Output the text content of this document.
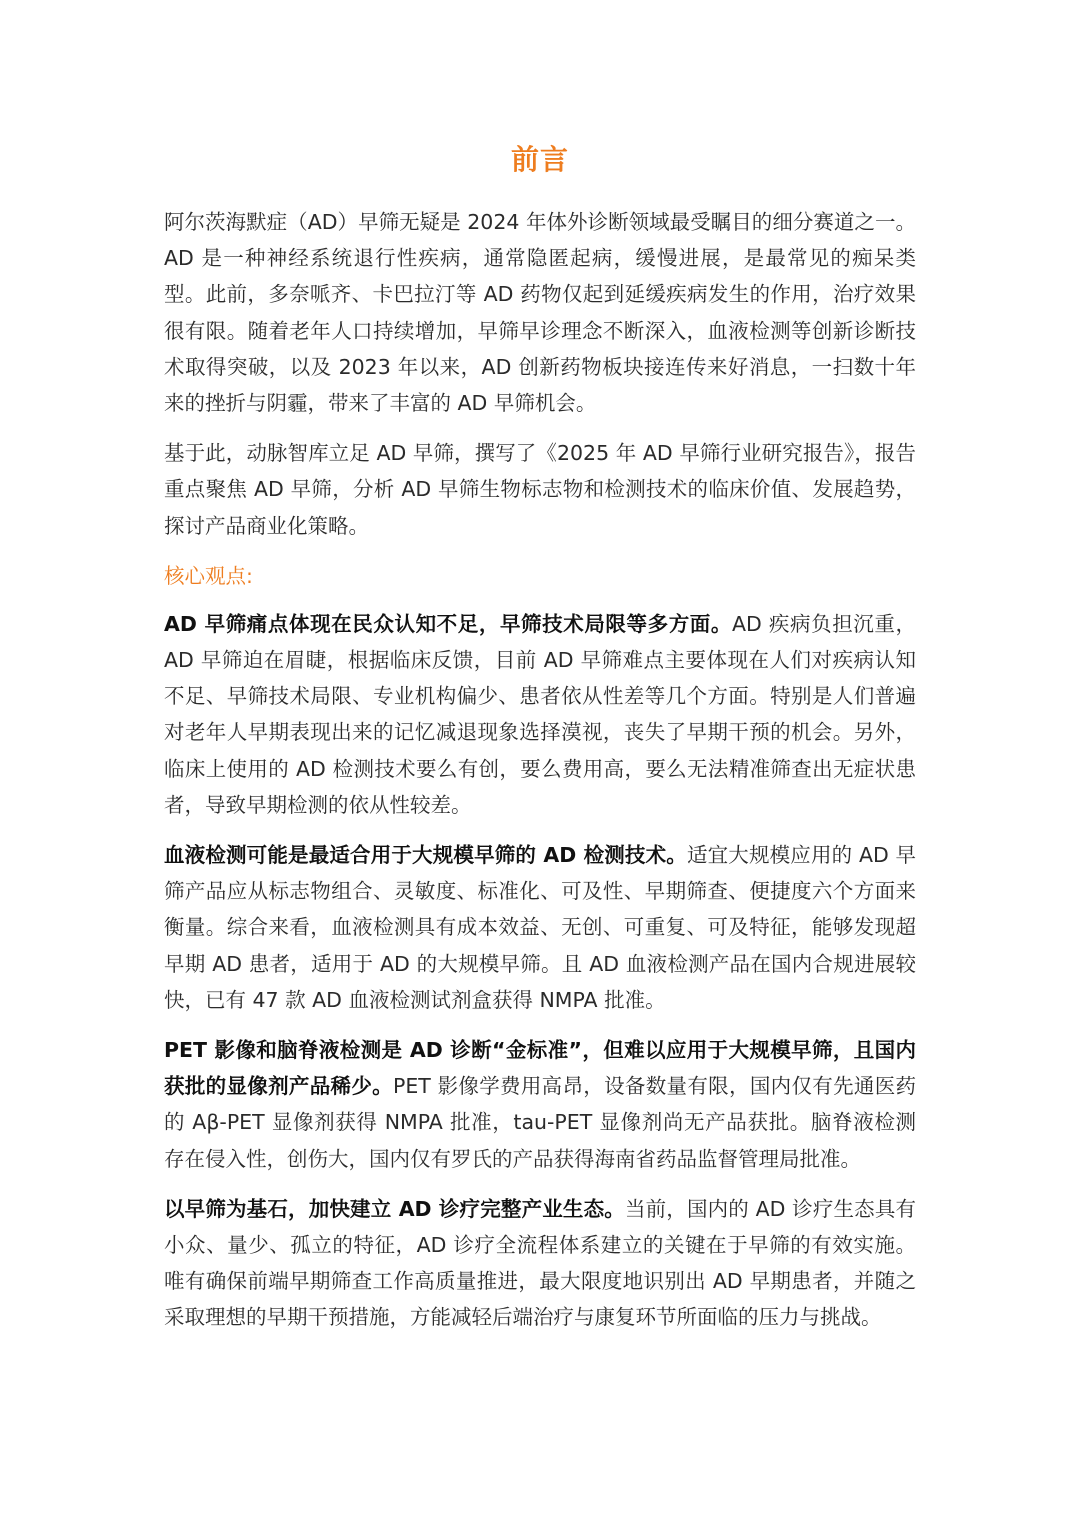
前言

阿尔茨海默症（AD）早筛无疑是 2024 年体外诊断领域最受瞩目的细分赛道之一。AD 是一种神经系统退行性疾病，通常隐匿起病，缓慢进展，是最常见的痴呆类型。此前，多奈哌齐、卡巴拉汀等 AD 药物仅起到延缓疾病发生的作用，治疗效果很有限。随着老年人口持续增加，早筛早诊理念不断深入，血液检测等创新诊断技术取得突破，以及 2023 年以来，AD 创新药物板块接连传来好消息，一扫数十年来的挫折与阴霾，带来了丰富的 AD 早筛机会。

基于此，动脉智库立足 AD 早筛，撰写了《2025 年 AD 早筛行业研究报告》，报告重点聚焦 AD 早筛，分析 AD 早筛生物标志物和检测技术的临床价值、发展趋势，探讨产品商业化策略。

核心观点:

AD 早筛痛点体现在民众认知不足，早筛技术局限等多方面。AD 疾病负担沉重，AD 早筛迫在眉睫，根据临床反馈，目前 AD 早筛难点主要体现在人们对疾病认知不足、早筛技术局限、专业机构偏少、患者依从性差等几个方面。特别是人们普遍对老年人早期表现出来的记忆减退现象选择漠视，丧失了早期干预的机会。另外，临床上使用的 AD 检测技术要么有创，要么费用高，要么无法精准筛查出无症状患者，导致早期检测的依从性较差。

血液检测可能是最适合用于大规模早筛的 AD 检测技术。适宜大规模应用的 AD 早筛产品应从标志物组合、灵敏度、标准化、可及性、早期筛查、便捷度六个方面来衡量。综合来看，血液检测具有成本效益、无创、可重复、可及特征，能够发现超早期 AD 患者，适用于 AD 的大规模早筛。且 AD 血液检测产品在国内合规进展较快，已有 47 款 AD 血液检测试剂盒获得 NMPA 批准。

PET 影像和脑脊液检测是 AD 诊断“金标准”，但难以应用于大规模早筛，且国内获批的显像剂产品稀少。PET 影像学费用高昂，设备数量有限，国内仅有先通医药的 Aβ-PET 显像剂获得 NMPA 批准，tau-PET 显像剂尚无产品获批。脑脊液检测存在侵入性，创伤大，国内仅有罗氏的产品获得海南省药品监督管理局批准。

以早筛为基石，加快建立 AD 诊疗完整产业生态。当前，国内的 AD 诊疗生态具有小众、量少、孤立的特征，AD 诊疗全流程体系建立的关键在于早筛的有效实施。唯有确保前端早期筛查工作高质量推进，最大限度地识别出 AD 早期患者，并随之采取理想的早期干预措施，方能减轻后端治疗与康复环节所面临的压力与挑战。
